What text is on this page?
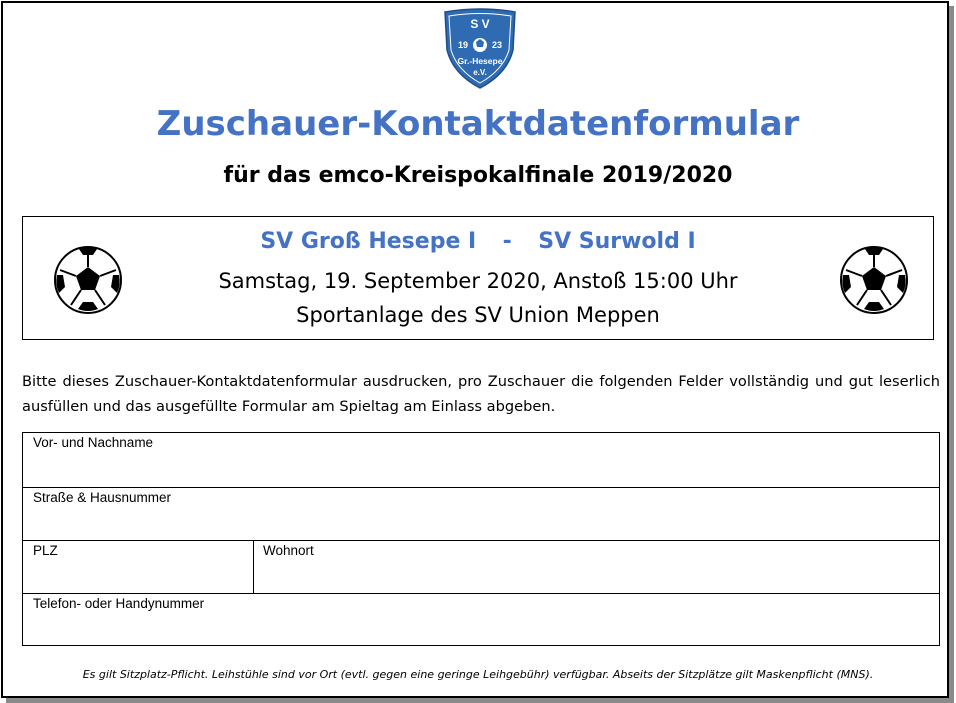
S V
19	23
Gr.-Hesepe
e.V.
Zuschauer-Kontaktdatenformular
für das emco-Kreispokalfinale 2019/2020
SV Groß Hesepe Ⅰ - SV Surwold Ⅰ
Samstag, 19. September 2020, Anstoß 15:00 Uhr
Sportanlage des SV Union Meppen
Bitte dieses Zuschauer-Kontaktdatenformular ausdrucken, pro Zuschauer die folgenden Felder vollständig und gut leserlich ausfüllen und das ausgefüllte Formular am Spieltag am Einlass abgeben.
Vor- und Nachname
Straße & Hausnummer
PLZ	Wohnort
Telefon- oder Handynummer
Es gilt Sitzplatz-Pflicht. Leihstühle sind vor Ort (evtl. gegen eine geringe Leihgebühr) verfügbar. Abseits der Sitzplätze gilt Maskenpflicht (MNS).
